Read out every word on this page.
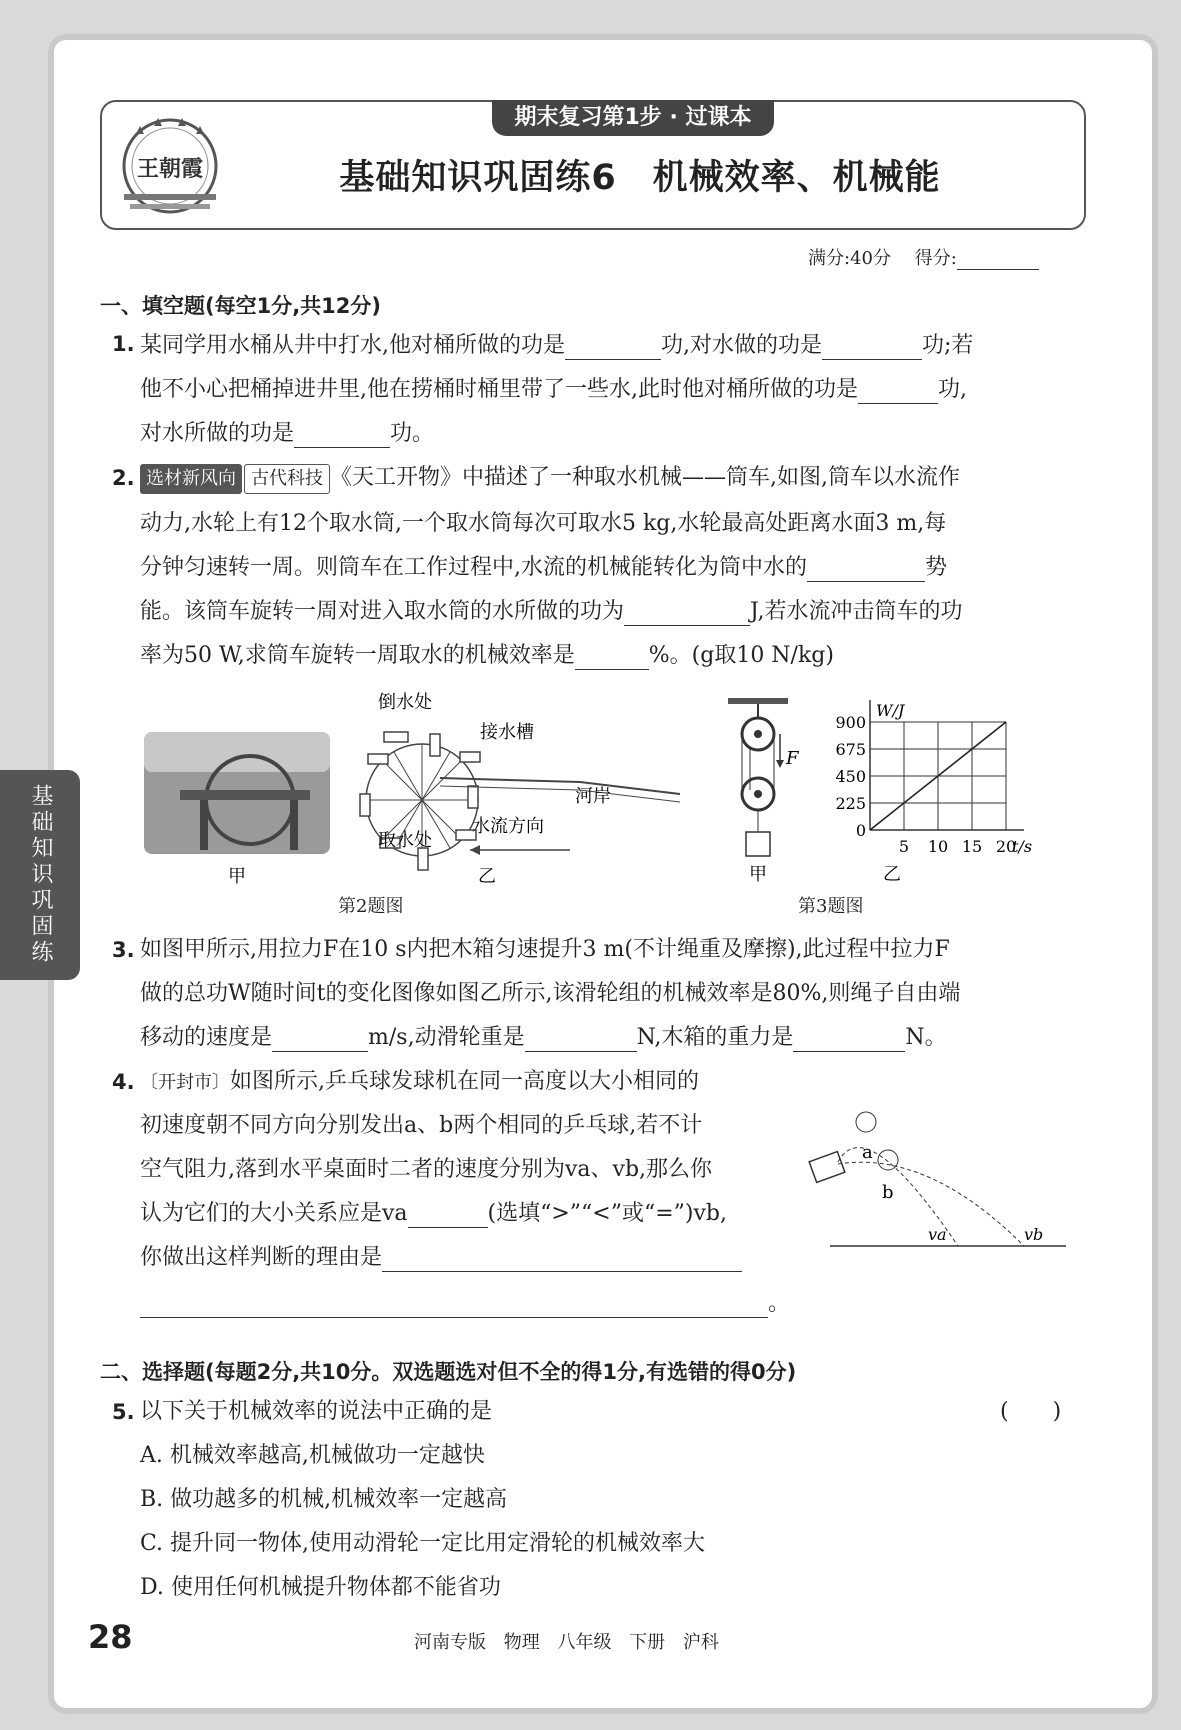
期末复习第1步 · 过课本
王朝霞	基础知识巩固练6　机械效率、机械能
满分:40分　 得分:
基础知识巩固练
一、填空题(每空1分,共12分)
1. 某同学用水桶从井中打水,他对桶所做的功是	功,对水做的功是	功;若
他不小心把桶掉进井里,他在捞桶时桶里带了一些水,此时他对桶所做的功是	功,
对水所做的功是	功。
2. 选材新风向 古代科技 《天工开物》中描述了一种取水机械——筒车,如图,筒车以水流作
动力,水轮上有12个取水筒,一个取水筒每次可取水5 kg,水轮最高处距离水面3 m,每
分钟匀速转一周。则筒车在工作过程中,水流的机械能转化为筒中水的	势
能。该筒车旋转一周对进入取水筒的水所做的功为	J,若水流冲击筒车的功
率为50 W,求筒车旋转一周取水的机械效率是	%。(g取10 N/kg)
倒水处
接水槽
河岸
水流方向
取水处
甲	乙
第2题图
F
甲
0
225
450
675
900
5 10 15 20
W/J
t/s
乙
第3题图
3. 如图甲所示,用拉力F在10 s内把木箱匀速提升3 m(不计绳重及摩擦),此过程中拉力F
做的总功W随时间t的变化图像如图乙所示,该滑轮组的机械效率是80%,则绳子自由端
移动的速度是	m/s,动滑轮重是	N,木箱的重力是	N。
4. 〔开封市〕如图所示,乒乓球发球机在同一高度以大小相同的
初速度朝不同方向分别发出a、b两个相同的乒乓球,若不计
空气阻力,落到水平桌面时二者的速度分别为va、vb,那么你
认为它们的大小关系应是va	(选填“>”“<”或“=”)vb,
你做出这样判断的理由是
。
a
b
va	vb
二、选择题(每题2分,共10分。双选题选对但不全的得1分,有选错的得0分)
5. 以下关于机械效率的说法中正确的是	(　　)
A. 机械效率越高,机械做功一定越快
B. 做功越多的机械,机械效率一定越高
C. 提升同一物体,使用动滑轮一定比用定滑轮的机械效率大
D. 使用任何机械提升物体都不能省功
28	河南专版 物理 八年级 下册 沪科
